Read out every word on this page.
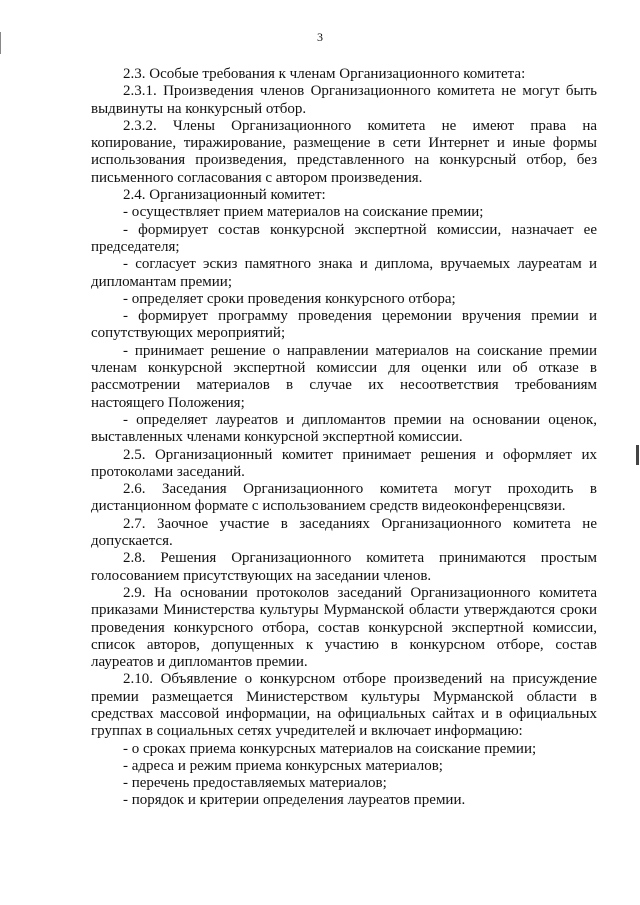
3

2.3. Особые требования к членам Организационного комитета:

2.3.1. Произведения членов Организационного комитета не могут быть выдвинуты на конкурсный отбор.

2.3.2. Члены Организационного комитета не имеют права на копирование, тиражирование, размещение в сети Интернет и иные формы использования произведения, представленного на конкурсный отбор, без письменного согласования с автором произведения.

2.4. Организационный комитет:

- осуществляет прием материалов на соискание премии;

- формирует состав конкурсной экспертной комиссии, назначает ее председателя;

- согласует эскиз памятного знака и диплома, вручаемых лауреатам и дипломантам премии;

- определяет сроки проведения конкурсного отбора;

- формирует программу проведения церемонии вручения премии и сопутствующих мероприятий;

- принимает решение о направлении материалов на соискание премии членам конкурсной экспертной комиссии для оценки или об отказе в рассмотрении материалов в случае их несоответствия требованиям настоящего Положения;

- определяет лауреатов и дипломантов премии на основании оценок, выставленных членами конкурсной экспертной комиссии.

2.5. Организационный комитет принимает решения и оформляет их протоколами заседаний.

2.6. Заседания Организационного комитета могут проходить в дистанционном формате с использованием средств видеоконференцсвязи.

2.7. Заочное участие в заседаниях Организационного комитета не допускается.

2.8. Решения Организационного комитета принимаются простым голосованием присутствующих на заседании членов.

2.9. На основании протоколов заседаний Организационного комитета приказами Министерства культуры Мурманской области утверждаются сроки проведения конкурсного отбора, состав конкурсной экспертной комиссии, список авторов, допущенных к участию в конкурсном отборе, состав лауреатов и дипломантов премии.

2.10. Объявление о конкурсном отборе произведений на присуждение премии размещается Министерством культуры Мурманской области в средствах массовой информации, на официальных сайтах и в официальных группах в социальных сетях учредителей и включает информацию:

- о сроках приема конкурсных материалов на соискание премии;

- адреса и режим приема конкурсных материалов;

- перечень предоставляемых материалов;

- порядок и критерии определения лауреатов премии.
